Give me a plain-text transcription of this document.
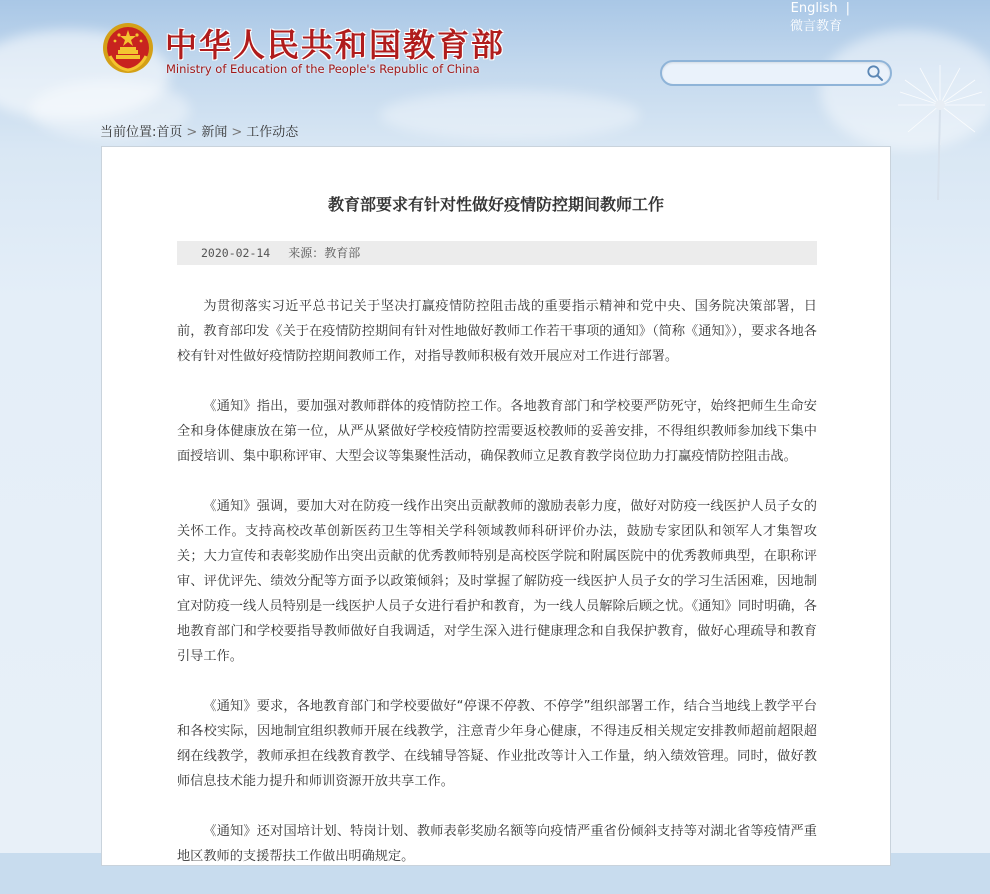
中华人民共和国教育部
Ministry of Education of the People's Republic of China
English |
微言教育
当前位置:首页 > 新闻 > 工作动态
教育部要求有针对性做好疫情防控期间教师工作
2020-02-14 来源：教育部

为贯彻落实习近平总书记关于坚决打赢疫情防控阻击战的重要指示精神和党中央、国务院决策部署，日前，教育部印发《关于在疫情防控期间有针对性地做好教师工作若干事项的通知》（简称《通知》），要求各地各校有针对性做好疫情防控期间教师工作，对指导教师积极有效开展应对工作进行部署。

《通知》指出，要加强对教师群体的疫情防控工作。各地教育部门和学校要严防死守，始终把师生生命安全和身体健康放在第一位，从严从紧做好学校疫情防控需要返校教师的妥善安排，不得组织教师参加线下集中面授培训、集中职称评审、大型会议等集聚性活动，确保教师立足教育教学岗位助力打赢疫情防控阻击战。

《通知》强调，要加大对在防疫一线作出突出贡献教师的激励表彰力度，做好对防疫一线医护人员子女的关怀工作。支持高校改革创新医药卫生等相关学科领域教师科研评价办法，鼓励专家团队和领军人才集智攻关；大力宣传和表彰奖励作出突出贡献的优秀教师特别是高校医学院和附属医院中的优秀教师典型，在职称评审、评优评先、绩效分配等方面予以政策倾斜；及时掌握了解防疫一线医护人员子女的学习生活困难，因地制宜对防疫一线人员特别是一线医护人员子女进行看护和教育，为一线人员解除后顾之忧。《通知》同时明确，各地教育部门和学校要指导教师做好自我调适，对学生深入进行健康理念和自我保护教育，做好心理疏导和教育引导工作。

《通知》要求，各地教育部门和学校要做好“停课不停教、不停学”组织部署工作，结合当地线上教学平台和各校实际，因地制宜组织教师开展在线教学，注意青少年身心健康，不得违反相关规定安排教师超前超限超纲在线教学，教师承担在线教育教学、在线辅导答疑、作业批改等计入工作量，纳入绩效管理。同时，做好教师信息技术能力提升和师训资源开放共享工作。

《通知》还对国培计划、特岗计划、教师表彰奖励名额等向疫情严重省份倾斜支持等对湖北省等疫情严重地区教师的支援帮扶工作做出明确规定。
